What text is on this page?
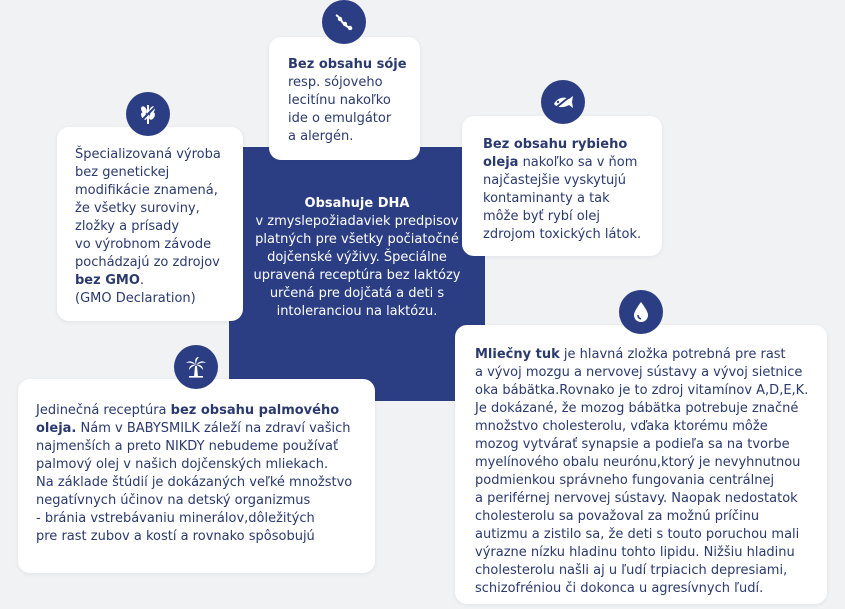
Obsahuje DHA
v zmyslepožiadaviek predpisov platných pre všetky počiatočné dojčenské výživy. Špeciálne upravená receptúra bez laktózy určená pre dojčatá a deti s intoleranciou na laktózu.
Bez obsahu sóje
resp. sójoveho
lecitínu nakoľko
ide o emulgátor
a alergén.
Špecializovaná výroba
bez genetickej
modifikácie znamená,
že všetky suroviny,
zložky a prísady
vo výrobnom závode
pochádzajú zo zdrojov
bez GMO.
(GMO Declaration)
Bez obsahu rybieho
oleja nakoľko sa v ňom
najčastejšie vyskytujú
kontaminanty a tak
môže byť rybí olej
zdrojom toxických látok.
Jedinečná receptúra bez obsahu palmového
oleja. Nám v BABYSMILK záleží na zdraví vašich
najmenších a preto NIKDY nebudeme používať
palmový olej v našich dojčenských mliekach.
Na základe štúdií je dokázaných veľké množstvo
negatívnych účinov na detský organizmus
- bránia vstrebávaniu minerálov,dôležitých
pre rast zubov a kostí a rovnako spôsobujú
Mliečny tuk je hlavná zložka potrebná pre rast
a vývoj mozgu a nervovej sústavy a vývoj sietnice
oka bábätka.Rovnako je to zdroj vitamínov A,D,E,K.
Je dokázané, že mozog bábätka potrebuje značné
množstvo cholesterolu, vďaka ktorému môže
mozog vytvárať synapsie a podieľa sa na tvorbe
myelínového obalu neurónu,ktorý je nevyhnutnou
podmienkou správneho fungovania centrálnej
a periférnej nervovej sústavy. Naopak nedostatok
cholesterolu sa považoval za možnú príčinu
autizmu a zistilo sa, že deti s touto poruchou mali
výrazne nízku hladinu tohto lipidu. Nižšiu hladinu
cholesterolu našli aj u ľudí trpiacich depresiami,
schizofréniou či dokonca u agresívnych ľudí.
